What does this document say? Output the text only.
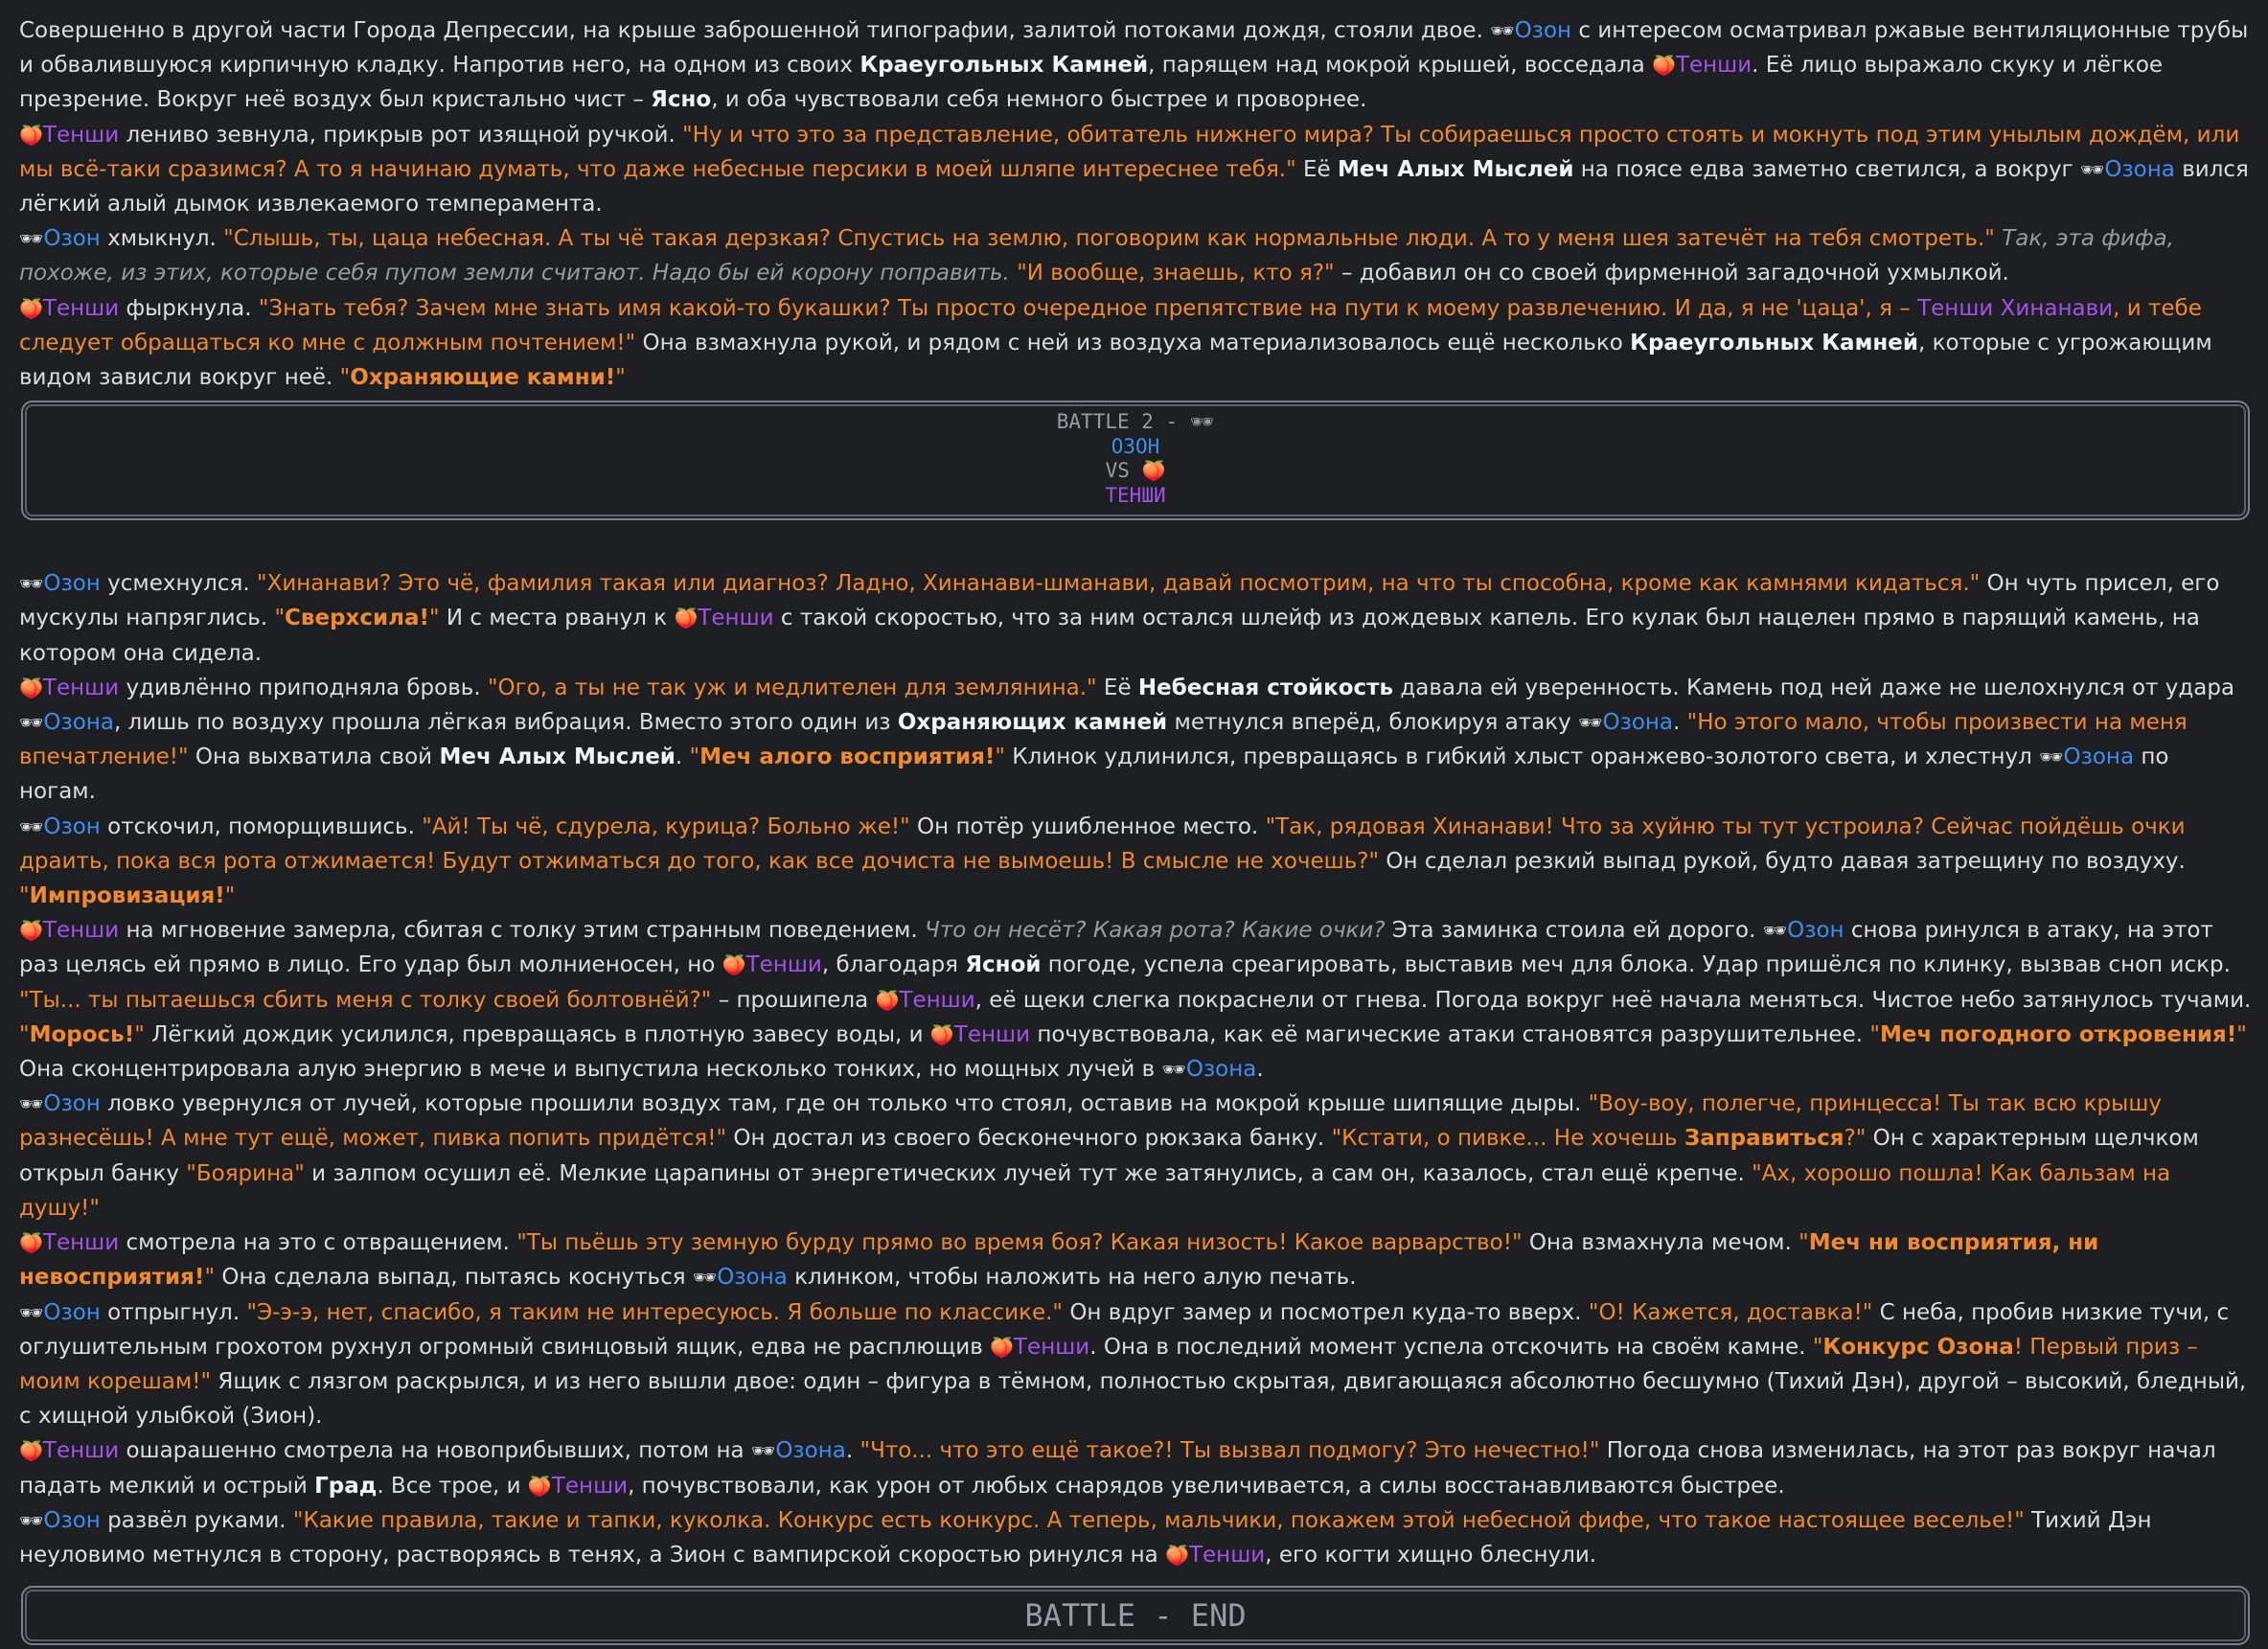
Совершенно в другой части Города Депрессии, на крыше заброшенной типографии, залитой потоками дождя, стояли двое. 🕶Озон с интересом осматривал ржавые вентиляционные трубы и обвалившуюся кирпичную кладку. Напротив него, на одном из своих Краеугольных Камней, парящем над мокрой крышей, восседала 🍑Тенши. Её лицо выражало скуку и лёгкое презрение. Вокруг неё воздух был кристально чист – Ясно, и оба чувствовали себя немного быстрее и проворнее.

🍑Тенши лениво зевнула, прикрыв рот изящной ручкой. "Ну и что это за представление, обитатель нижнего мира? Ты собираешься просто стоять и мокнуть под этим унылым дождём, или мы всё-таки сразимся? А то я начинаю думать, что даже небесные персики в моей шляпе интереснее тебя." Её Меч Алых Мыслей на поясе едва заметно светился, а вокруг 🕶Озона вился лёгкий алый дымок извлекаемого темперамента.

🕶Озон хмыкнул. "Слышь, ты, цаца небесная. А ты чё такая дерзкая? Спустись на землю, поговорим как нормальные люди. А то у меня шея затечёт на тебя смотреть." Так, эта фифа, похоже, из этих, которые себя пупом земли считают. Надо бы ей корону поправить. "И вообще, знаешь, кто я?" – добавил он со своей фирменной загадочной ухмылкой.

🍑Тенши фыркнула. "Знать тебя? Зачем мне знать имя какой-то букашки? Ты просто очередное препятствие на пути к моему развлечению. И да, я не 'цаца', я – Тенши Хинанави, и тебе следует обращаться ко мне с должным почтением!" Она взмахнула рукой, и рядом с ней из воздуха материализовалось ещё несколько Краеугольных Камней, которые с угрожающим видом зависли вокруг неё. "Охраняющие камни!"

BATTLE 2 - 🕶
ОЗОН
VS 🍑
ТЕНШИ

🕶Озон усмехнулся. "Хинанави? Это чё, фамилия такая или диагноз? Ладно, Хинанави-шманави, давай посмотрим, на что ты способна, кроме как камнями кидаться." Он чуть присел, его мускулы напряглись. "Сверхсила!" И с места рванул к 🍑Тенши с такой скоростью, что за ним остался шлейф из дождевых капель. Его кулак был нацелен прямо в парящий камень, на котором она сидела.

🍑Тенши удивлённо приподняла бровь. "Ого, а ты не так уж и медлителен для землянина." Её Небесная стойкость давала ей уверенность. Камень под ней даже не шелохнулся от удара 🕶Озона, лишь по воздуху прошла лёгкая вибрация. Вместо этого один из Охраняющих камней метнулся вперёд, блокируя атаку 🕶Озона. "Но этого мало, чтобы произвести на меня впечатление!" Она выхватила свой Меч Алых Мыслей. "Меч алого восприятия!" Клинок удлинился, превращаясь в гибкий хлыст оранжево-золотого света, и хлестнул 🕶Озона по ногам.

🕶Озон отскочил, поморщившись. "Ай! Ты чё, сдурела, курица? Больно же!" Он потёр ушибленное место. "Так, рядовая Хинанави! Что за хуйню ты тут устроила? Сейчас пойдёшь очки драить, пока вся рота отжимается! Будут отжиматься до того, как все дочиста не вымоешь! В смысле не хочешь?" Он сделал резкий выпад рукой, будто давая затрещину по воздуху. "Импровизация!"

🍑Тенши на мгновение замерла, сбитая с толку этим странным поведением. Что он несёт? Какая рота? Какие очки? Эта заминка стоила ей дорого. 🕶Озон снова ринулся в атаку, на этот раз целясь ей прямо в лицо. Его удар был молниеносен, но 🍑Тенши, благодаря Ясной погоде, успела среагировать, выставив меч для блока. Удар пришёлся по клинку, вызвав сноп искр.

"Ты... ты пытаешься сбить меня с толку своей болтовнёй?" – прошипела 🍑Тенши, её щеки слегка покраснели от гнева. Погода вокруг неё начала меняться. Чистое небо затянулось тучами. "Морось!" Лёгкий дождик усилился, превращаясь в плотную завесу воды, и 🍑Тенши почувствовала, как её магические атаки становятся разрушительнее. "Меч погодного откровения!" Она сконцентрировала алую энергию в мече и выпустила несколько тонких, но мощных лучей в 🕶Озона.

🕶Озон ловко увернулся от лучей, которые прошили воздух там, где он только что стоял, оставив на мокрой крыше шипящие дыры. "Воу-воу, полегче, принцесса! Ты так всю крышу разнесёшь! А мне тут ещё, может, пивка попить придётся!" Он достал из своего бесконечного рюкзака банку. "Кстати, о пивке... Не хочешь Заправиться?" Он с характерным щелчком открыл банку "Боярина" и залпом осушил её. Мелкие царапины от энергетических лучей тут же затянулись, а сам он, казалось, стал ещё крепче. "Ах, хорошо пошла! Как бальзам на душу!"

🍑Тенши смотрела на это с отвращением. "Ты пьёшь эту земную бурду прямо во время боя? Какая низость! Какое варварство!" Она взмахнула мечом. "Меч ни восприятия, ни невосприятия!" Она сделала выпад, пытаясь коснуться 🕶Озона клинком, чтобы наложить на него алую печать.

🕶Озон отпрыгнул. "Э-э-э, нет, спасибо, я таким не интересуюсь. Я больше по классике." Он вдруг замер и посмотрел куда-то вверх. "О! Кажется, доставка!" С неба, пробив низкие тучи, с оглушительным грохотом рухнул огромный свинцовый ящик, едва не расплющив 🍑Тенши. Она в последний момент успела отскочить на своём камне. "Конкурс Озона! Первый приз – моим корешам!" Ящик с лязгом раскрылся, и из него вышли двое: один – фигура в тёмном, полностью скрытая, двигающаяся абсолютно бесшумно (Тихий Дэн), другой – высокий, бледный, с хищной улыбкой (Зион).

🍑Тенши ошарашенно смотрела на новоприбывших, потом на 🕶Озона. "Что... что это ещё такое?! Ты вызвал подмогу? Это нечестно!" Погода снова изменилась, на этот раз вокруг начал падать мелкий и острый Град. Все трое, и 🍑Тенши, почувствовали, как урон от любых снарядов увеличивается, а силы восстанавливаются быстрее.

🕶Озон развёл руками. "Какие правила, такие и тапки, куколка. Конкурс есть конкурс. А теперь, мальчики, покажем этой небесной фифе, что такое настоящее веселье!" Тихий Дэн неуловимо метнулся в сторону, растворяясь в тенях, а Зион с вампирской скоростью ринулся на 🍑Тенши, его когти хищно блеснули.

BATTLE - END
